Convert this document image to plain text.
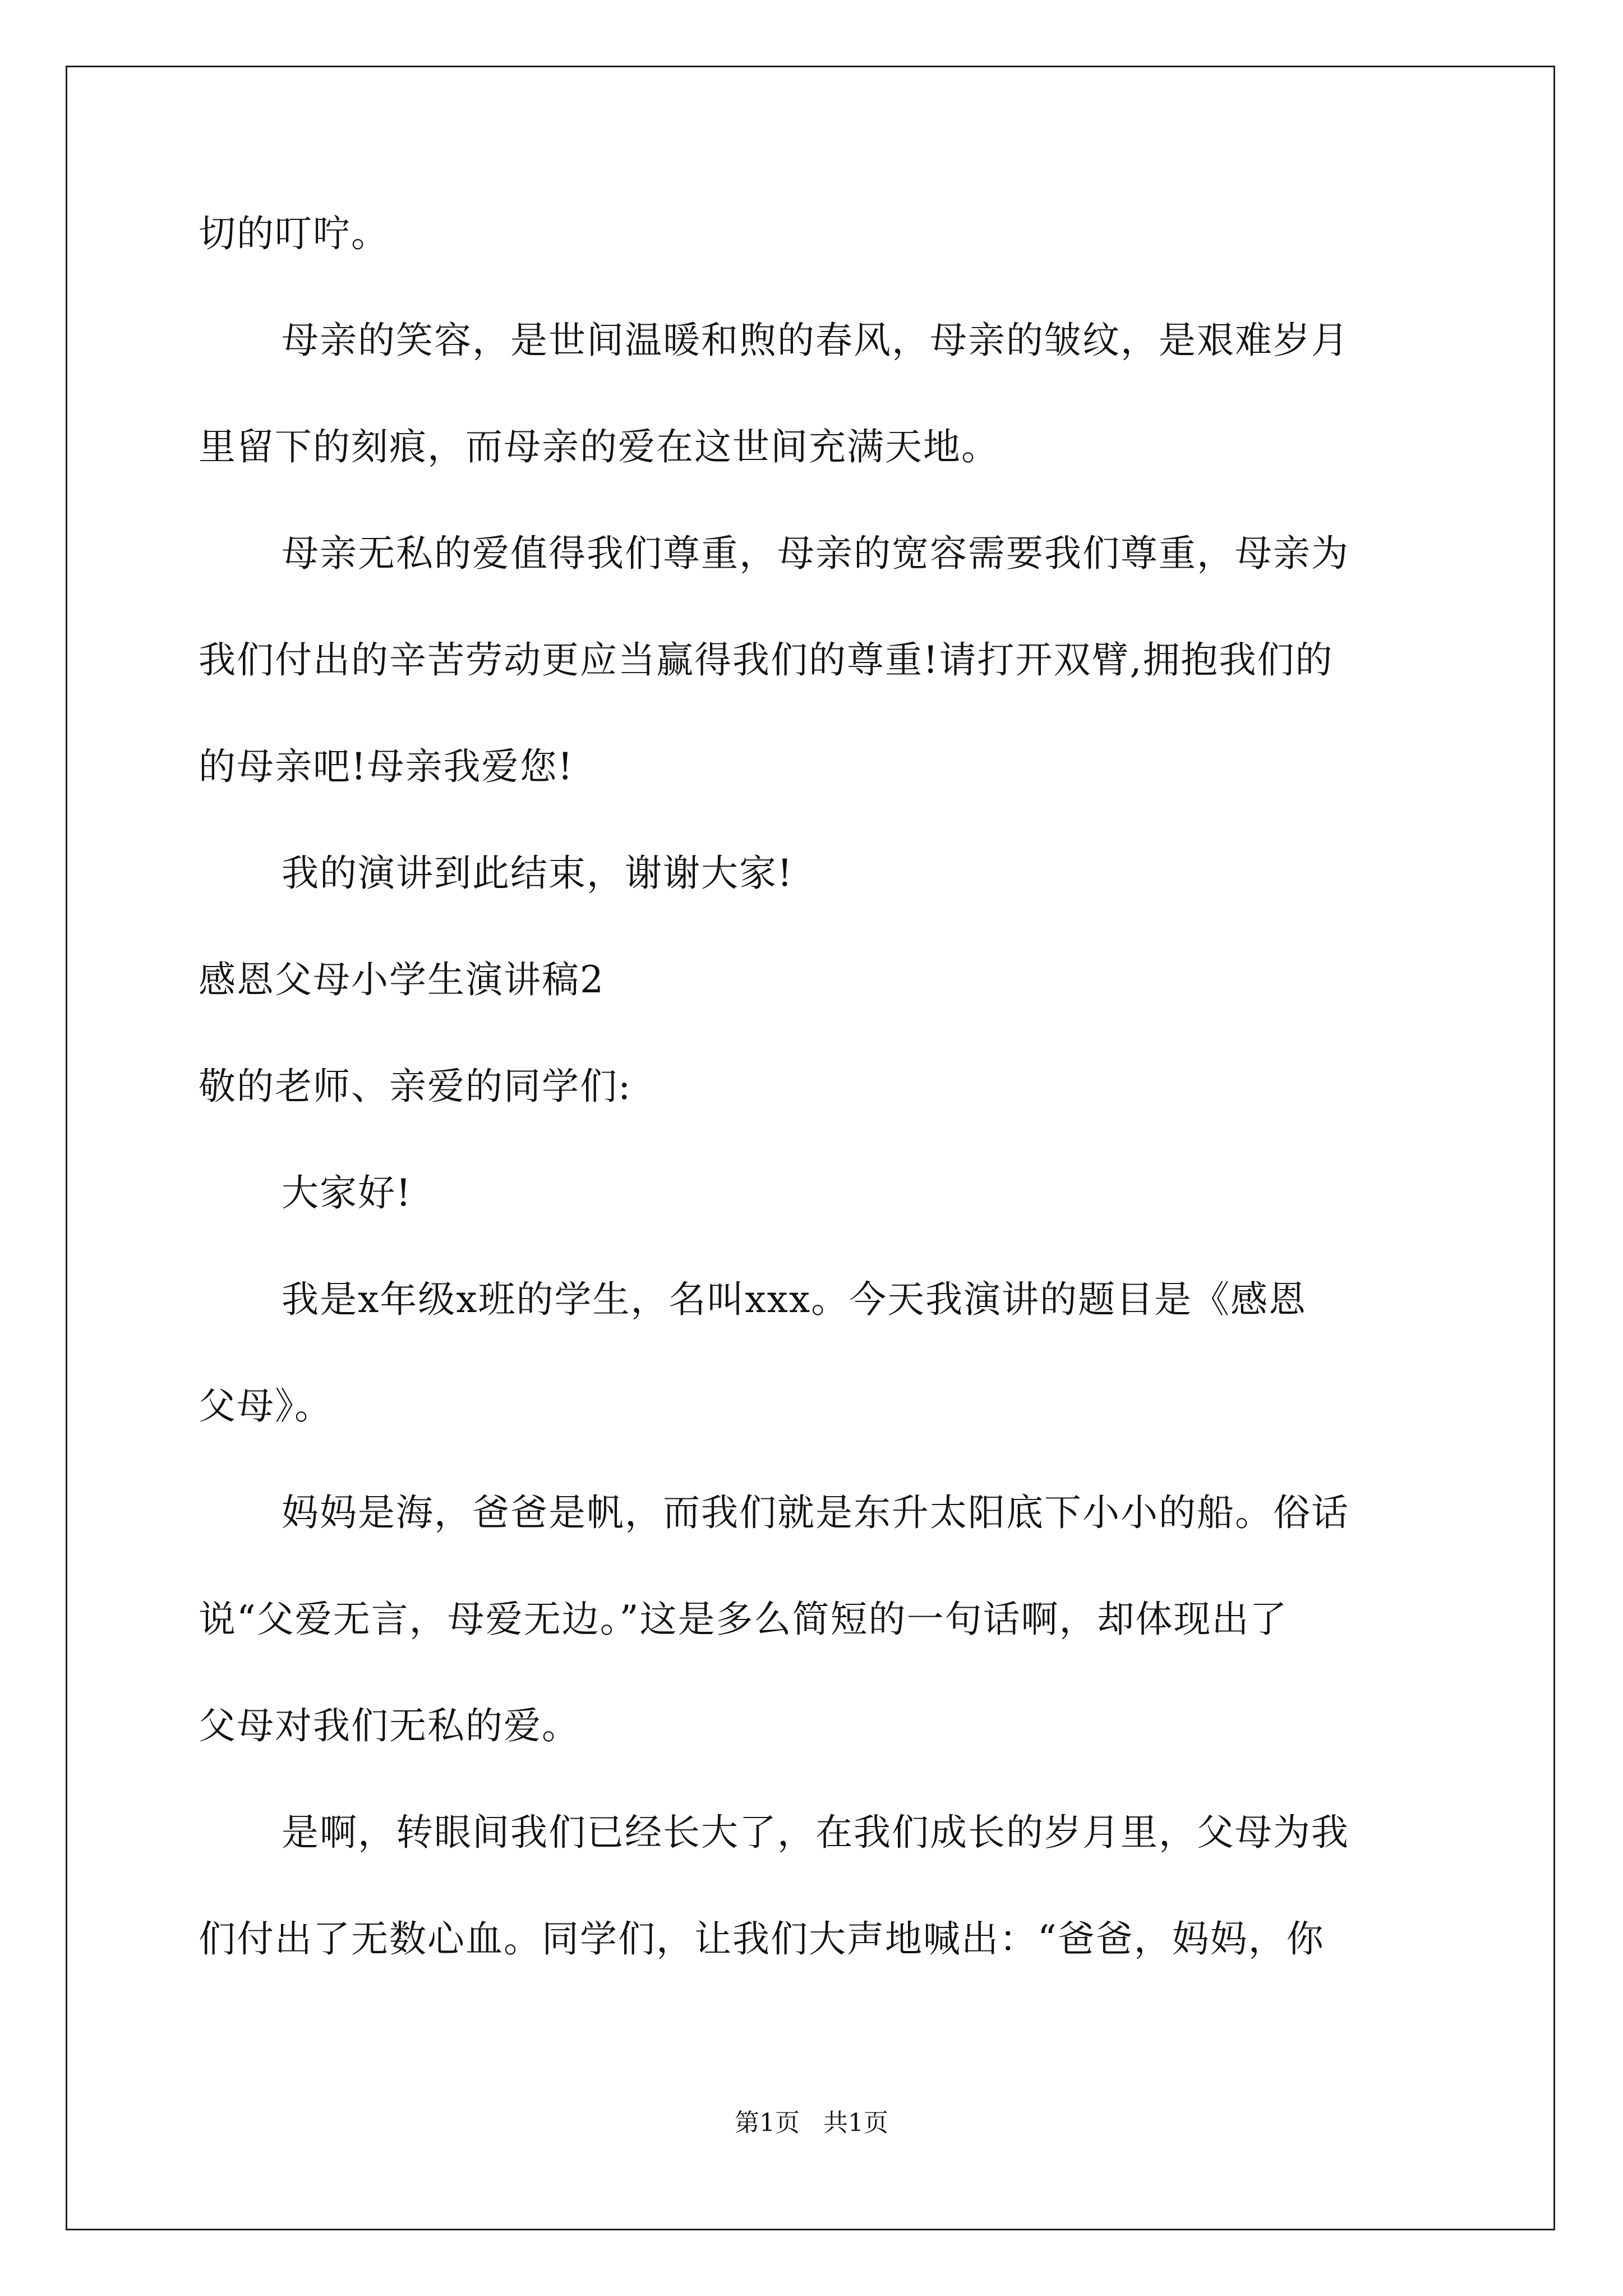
切的叮咛。
母亲的笑容，是世间温暖和煦的春风，母亲的皱纹，是艰难岁月
里留下的刻痕，而母亲的爱在这世间充满天地。
母亲无私的爱值得我们尊重，母亲的宽容需要我们尊重，母亲为
我们付出的辛苦劳动更应当赢得我们的尊重!请打开双臂,拥抱我们的
的母亲吧!母亲我爱您!
我的演讲到此结束，谢谢大家!
感恩父母小学生演讲稿2
敬的老师、亲爱的同学们:
大家好!
我是x年级x班的学生，名叫xxx。今天我演讲的题目是《感恩
父母》。
妈妈是海，爸爸是帆，而我们就是东升太阳底下小小的船。俗话
说“父爱无言，母爱无边。”这是多么简短的一句话啊，却体现出了
父母对我们无私的爱。
是啊，转眼间我们已经长大了，在我们成长的岁月里，父母为我
们付出了无数心血。同学们，让我们大声地喊出：“爸爸，妈妈，你
第1页   共1页
